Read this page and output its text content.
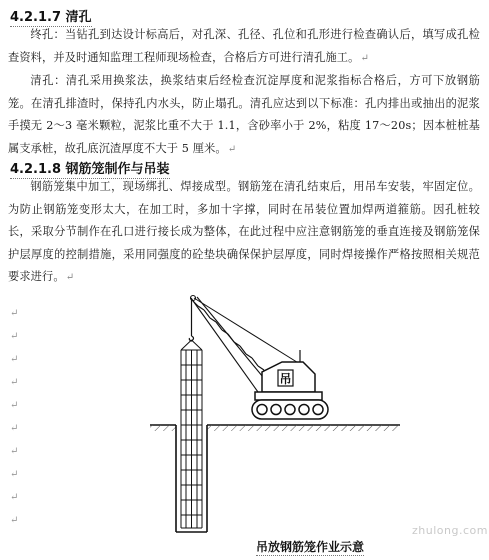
4.2.1.7 清孔

终孔：当钻孔到达设计标高后，对孔深、孔径、孔位和孔形进行检查确认后，填写成孔检查资料，并及时通知监理工程师现场检查，合格后方可进行清孔施工。↵

清孔：清孔采用换浆法，换浆结束后经检查沉淀厚度和泥浆指标合格后，方可下放钢筋笼。在清孔排渣时，保持孔内水头，防止塌孔。清孔应达到以下标准：孔内排出或抽出的泥浆手摸无 2～3 毫米颗粒，泥浆比重不大于 1.1，含砂率小于 2%，粘度 17～20s；因本桩桩基属支承桩，故孔底沉渣厚度不大于 5 厘米。↵

4.2.1.8 钢筋笼制作与吊装

钢筋笼集中加工，现场绑扎、焊接成型。钢筋笼在清孔结束后，用吊车安装，牢固定位。为防止钢筋笼变形太大，在加工时，多加十字撑，同时在吊装位置加焊两道箍筋。因孔桩较长，采取分节制作在孔口进行接长成为整体，在此过程中应注意钢筋笼的垂直连接及钢筋笼保护层厚度的控制措施，采用同强度的砼垫块确保保护层厚度，同时焊接操作严格按照相关规范要求进行。↵

↵
↵
↵
↵
↵
↵
↵
↵
↵
↵
吊
吊放钢筋笼作业示意
zhulong.com
